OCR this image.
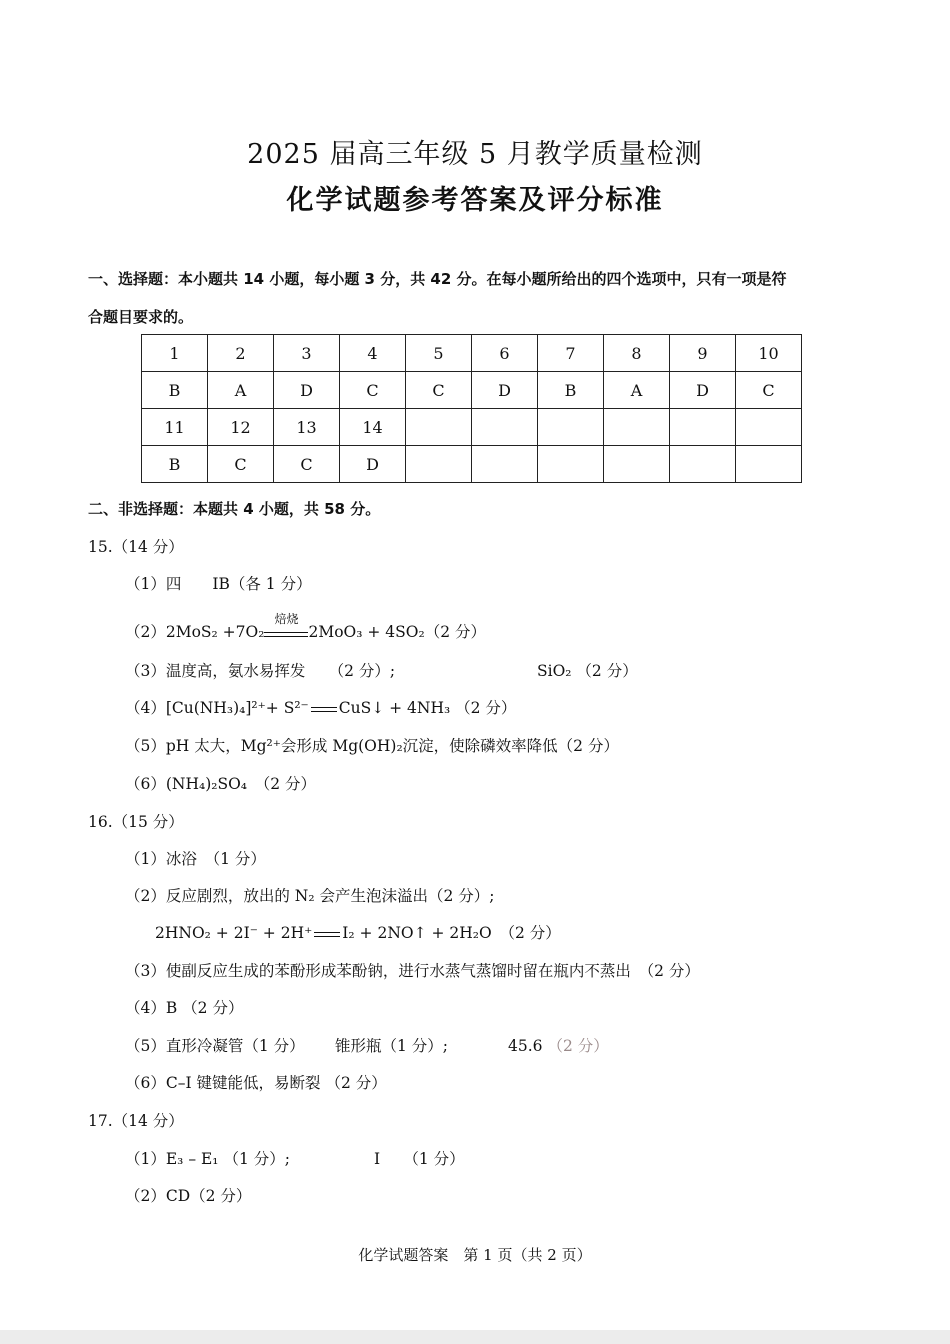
2025 届高三年级 5 月教学质量检测
化学试题参考答案及评分标准
一、选择题：本小题共 14 小题，每小题 3 分，共 42 分。在每小题所给出的四个选项中，只有一项是符
合题目要求的。
1	2	3	4	5	6	7	8	9	10
B	A	D	C	C	D	B	A	D	C
11	12	13	14						
B	C	C	D						
二、非选择题：本题共 4 小题，共 58 分。
15.（14 分）
（1）四　　IB（各 1 分）
（2）2MoS₂ +7O₂
焙烧
2MoO₃ + 4SO₂（2 分）
（3）温度高，氨水易挥发　　（2 分）;	SiO₂ （2 分）
（4）[Cu(NH₃)₄]²⁺+ S²⁻ CuS↓ + 4NH₃ （2 分）
（5）pH 太大，Mg²⁺会形成 Mg(OH)₂沉淀，使除磷效率降低（2 分）
（6）(NH₄)₂SO₄　（2 分）
16.（15 分）
（1）冰浴　（1 分）
（2）反应剧烈，放出的 N₂ 会产生泡沫溢出（2 分）;
2HNO₂ + 2I⁻ + 2H⁺ I₂ + 2NO↑ + 2H₂O　（2 分）
（3）使副反应生成的苯酚形成苯酚钠，进行水蒸气蒸馏时留在瓶内不蒸出　（2 分）
（4）B （2 分）
（5）直形冷凝管（1 分） 锥形瓶（1 分）;	45.6 （2 分）
（6）C–I 键键能低，易断裂 （2 分）
17.（14 分）
（1）E₃ – E₁ （1 分）;	I　　（1 分）
（2）CD（2 分）
化学试题答案　第 1 页（共 2 页）
